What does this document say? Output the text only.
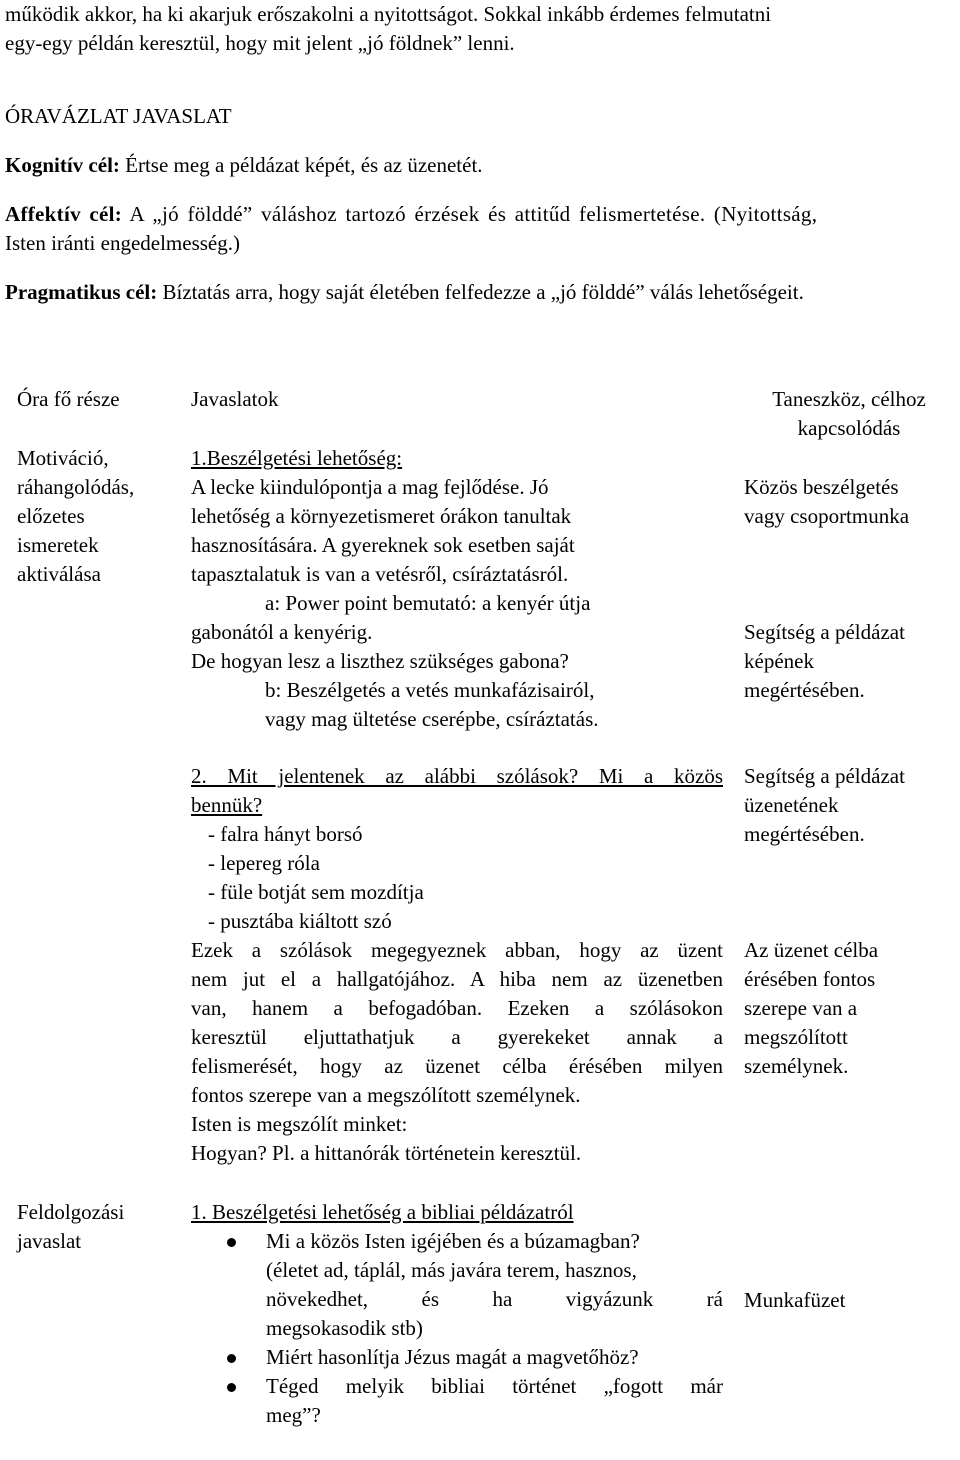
működik akkor, ha ki akarjuk erőszakolni a nyitottságot. Sokkal inkább érdemes felmutatni

egy-egy példán keresztül, hogy mit jelent „jó földnek” lenni.

ÓRAVÁZLAT JAVASLAT

Kognitív cél: Értse meg a példázat képét, és az üzenetét.

Affektív cél: A „jó földdé” váláshoz tartozó érzések és attitűd felismertetése. (Nyitottság,

Isten iránti engedelmesség.)

Pragmatikus cél: Bíztatás arra, hogy saját életében felfedezze a „jó földdé” válás lehetőségeit.

Óra fő része	Javaslatok	Taneszköz, célhoz
kapcsolódás

Motiváció,

ráhangolódás,

előzetes

ismeretek

aktiválása

1.Beszélgetési lehetőség:

A lecke kiindulópontja a mag fejlődése. Jó

lehetőség a környezetismeret órákon tanultak

hasznosítására. A gyereknek sok esetben saját

tapasztalatuk is van a vetésről, csíráztatásról.

a: Power point bemutató: a kenyér útja

gabonától a kenyérig.

De hogyan lesz a liszthez szükséges gabona?

b: Beszélgetés a vetés munkafázisairól,

vagy mag ültetése cserépbe, csíráztatás.

Közös beszélgetés

vagy csoportmunka

Segítség a példázat

képének

megértésében.

2. Mit jelentenek az alábbi szólások? Mi a közös

bennük?

- falra hányt borsó

- lepereg róla

- füle botját sem mozdítja

- pusztába kiáltott szó

Ezek a szólások megegyeznek abban, hogy az üzent

nem jut el a hallgatójához. A hiba nem az üzenetben

van, hanem a befogadóban. Ezeken a szólásokon

keresztül eljuttathatjuk a gyerekeket annak a

felismerését, hogy az üzenet célba érésében milyen

fontos szerepe van a megszólított személynek.

Isten is megszólít minket:

Hogyan? Pl. a hittanórák történetein keresztül.

Segítség a példázat

üzenetének

megértésében.

Az üzenet célba

érésében fontos

szerepe van a

megszólított

személynek.

Feldolgozási

javaslat

1. Beszélgetési lehetőség a bibliai példázatról

Mi a közös Isten igéjében és a búzamagban?

(életet ad, táplál, más javára terem, hasznos,

növekedhet, és ha vigyázunk rá

megsokasodik stb)

Miért hasonlítja Jézus magát a magvetőhöz?

Téged melyik bibliai történet „fogott már

meg”?

Munkafüzet
